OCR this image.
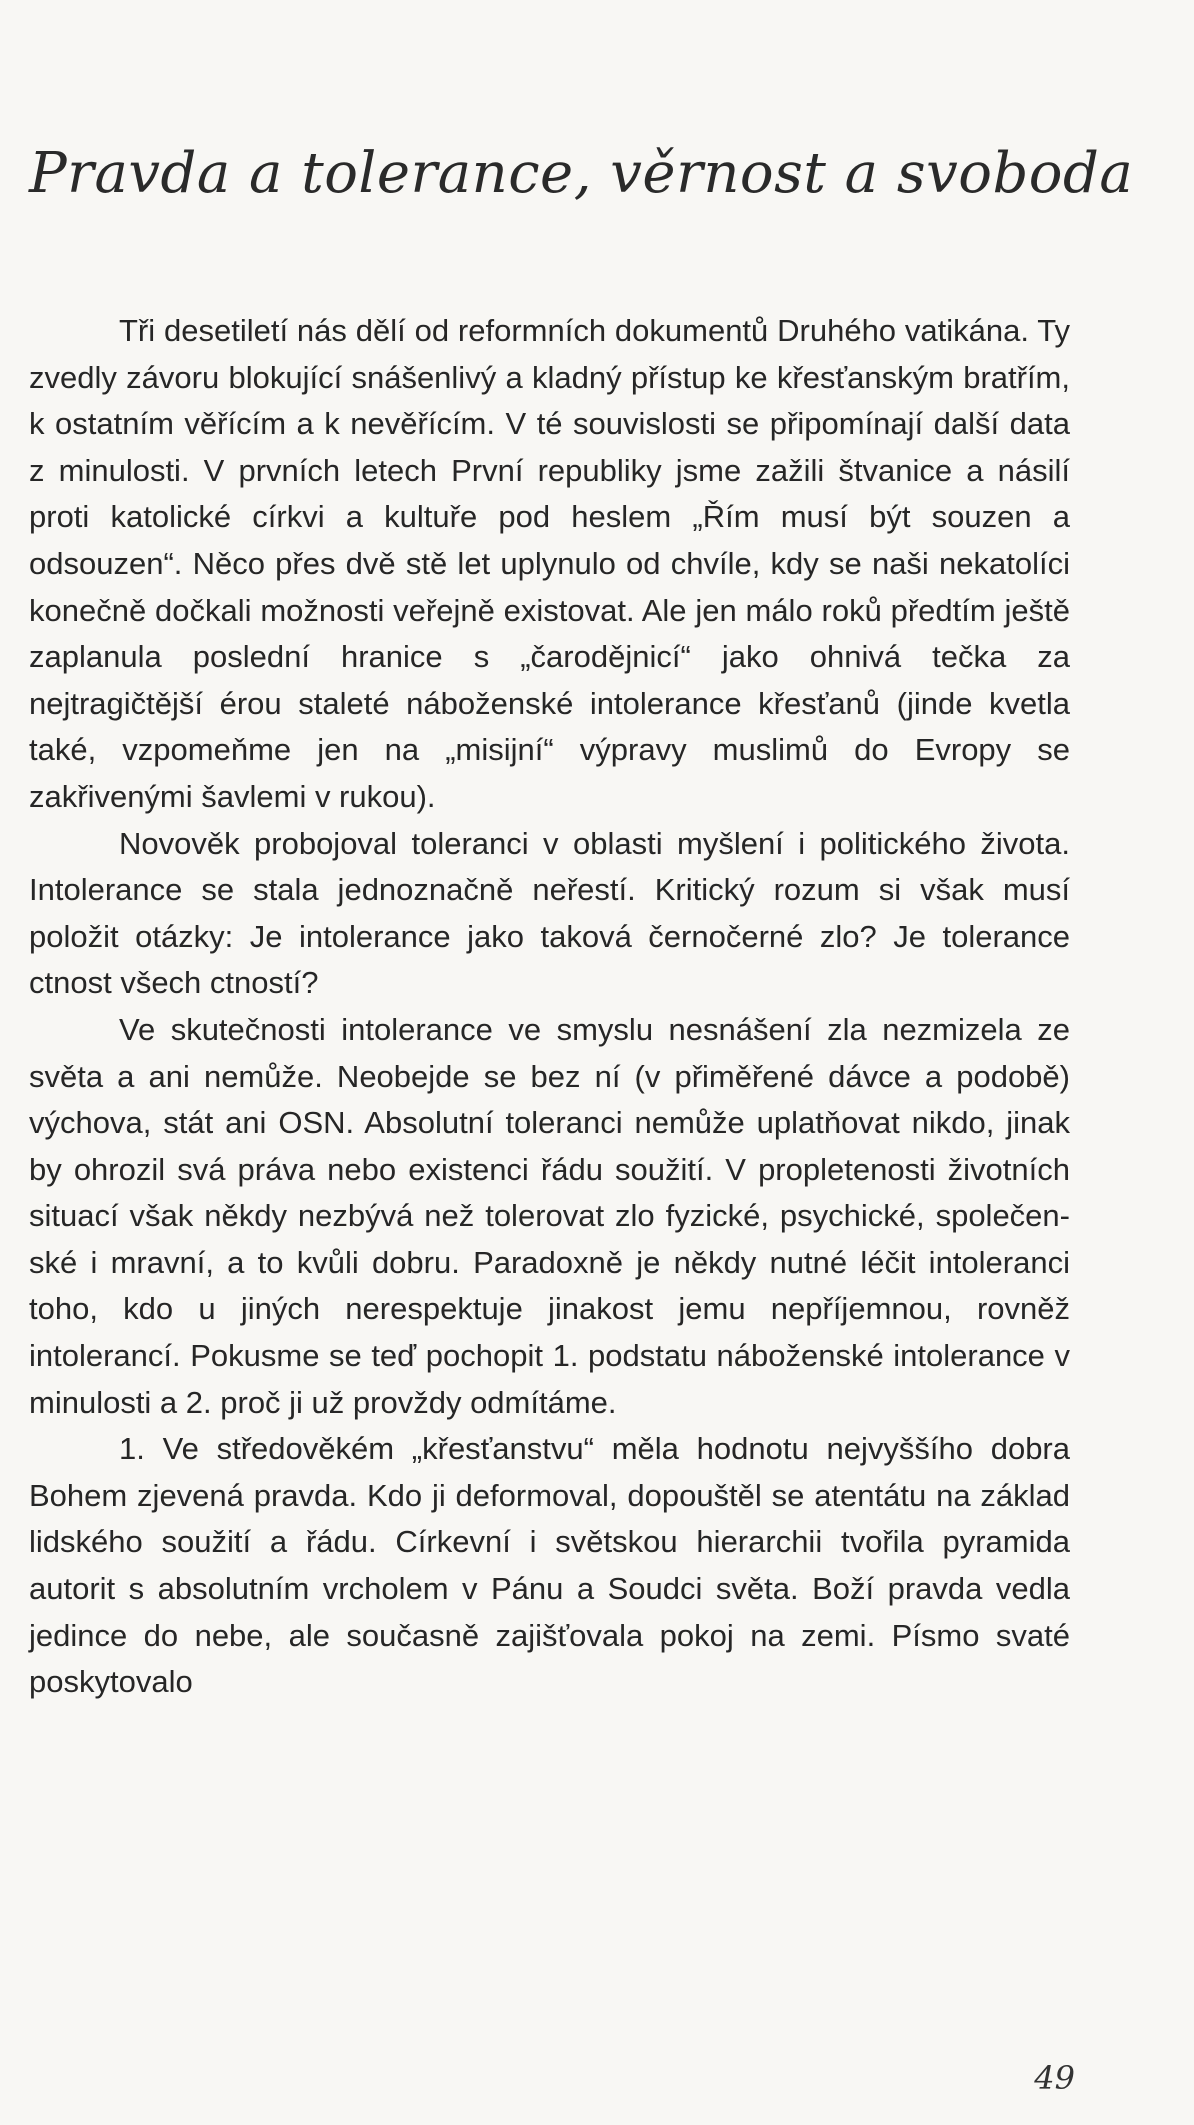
Pravda a tolerance, věrnost a svoboda

Tři desetiletí nás dělí od reformních dokumentů Druhého vatikána. Ty zvedly závoru blokující snášenlivý a kladný přístup ke křesťanským bratřím, k ostatním věřícím a k nevěřícím. V té souvislosti se připomínají další data z minulosti. V prvních letech První republiky jsme zažili štvanice a násilí proti katolické církvi a kultuře pod heslem „Řím musí být souzen a odsouzen“. Něco přes dvě stě let uplynulo od chvíle, kdy se naši nekatolíci konečně dočkali možnosti veřejně existovat. Ale jen málo roků předtím ještě zaplanula poslední hranice s „čarodějnicí“ jako ohnivá tečka za nejtragičtější érou staleté náboženské intolerance křesťanů (jinde kvetla také, vzpomeňme jen na „misijní“ výpravy muslimů do Evropy se zakřivenými šavlemi v rukou).

Novověk probojoval toleranci v oblasti myšlení i politického života. Intolerance se stala jednoznačně neřestí. Kritický rozum si však musí položit otázky: Je intolerance jako taková černočerné zlo? Je tolerance ctnost všech ctností?

Ve skutečnosti intolerance ve smyslu nesnášení zla nezmizela ze světa a ani nemůže. Neobejde se bez ní (v přiměřené dávce a podobě) výchova, stát ani OSN. Absolutní toleranci nemůže uplatňovat nikdo, jinak by ohrozil svá práva nebo existenci řádu soužití. V propletenosti životních situací však někdy nezbývá než tolerovat zlo fyzické, psychické, společenské i mravní, a to kvůli dobru. Paradoxně je někdy nutné léčit intoleranci toho, kdo u jiných nerespektuje jinakost jemu nepříjemnou, rovněž intolerancí. Pokusme se teď pochopit 1. podstatu náboženské intolerance v minulosti a 2. proč ji už provždy odmítáme.

1. Ve středověkém „křesťanstvu“ měla hodnotu nejvyššího dobra Bohem zjevená pravda. Kdo ji deformoval, dopouštěl se atentátu na základ lidského soužití a řádu. Církevní i světskou hierarchii tvořila pyramida autorit s absolutním vrcholem v Pánu a Soudci světa. Boží pravda vedla jedince do nebe, ale současně zajišťovala pokoj na zemi. Písmo svaté poskytovalo

49
